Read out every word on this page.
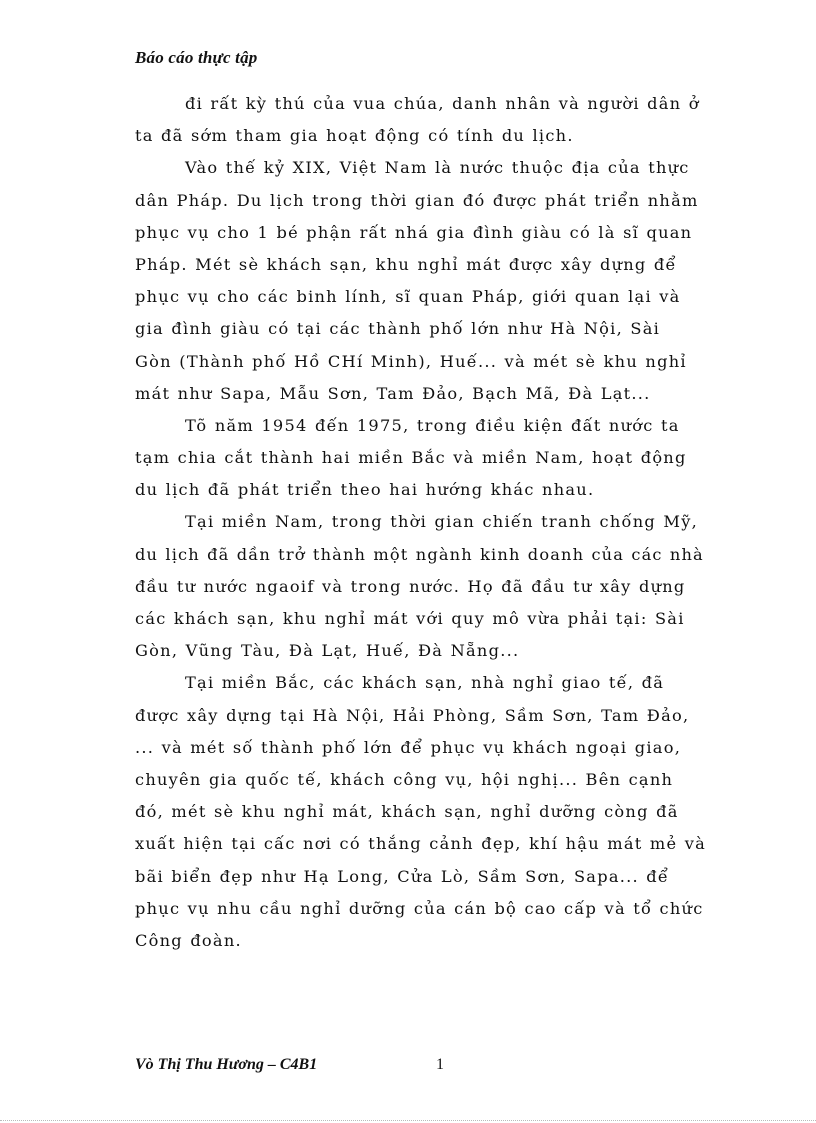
Báo cáo thực tập
đi rất kỳ thú của vua chúa, danh nhân và người dân ở
ta đã sớm tham gia hoạt động có tính du lịch.
Vào thế kỷ XIX, Việt Nam là nước thuộc địa của thực
dân Pháp. Du lịch trong thời gian đó được phát triển nhằm
phục vụ cho 1 bé phận rất nhá gia đình giàu có là sĩ quan
Pháp. Mét sè khách sạn, khu nghỉ mát được xây dựng để
phục vụ cho các binh lính, sĩ quan Pháp, giới quan lại và
gia đình giàu có tại các thành phố lớn như Hà Nội, Sài
Gòn (Thành phố Hồ CHí Minh), Huế... và mét sè khu nghỉ
mát như Sapa, Mẫu Sơn, Tam Đảo, Bạch Mã, Đà Lạt...
Tõ năm 1954 đến 1975, trong điều kiện đất nước ta
tạm chia cắt thành hai miền Bắc và miền Nam, hoạt động
du lịch đã phát triển theo hai hướng khác nhau.
Tại miền Nam, trong thời gian chiến tranh chống Mỹ,
du lịch đã dần trở thành một ngành kinh doanh của các nhà
đầu tư nước ngaoif và trong nước. Họ đã đầu tư xây dựng
các khách sạn, khu nghỉ mát với quy mô vừa phải tại: Sài
Gòn, Vũng Tàu, Đà Lạt, Huế, Đà Nẵng...
Tại miền Bắc, các khách sạn, nhà nghỉ giao tế, đã
được xây dựng tại Hà Nội, Hải Phòng, Sầm Sơn, Tam Đảo,
... và mét số thành phố lớn để phục vụ khách ngoại giao,
chuyên gia quốc tế, khách công vụ, hội nghị... Bên cạnh
đó, mét sè khu nghỉ mát, khách sạn, nghỉ dưỡng còng đã
xuất hiện tại cấc nơi có thắng cảnh đẹp, khí hậu mát mẻ và
bãi biển đẹp như Hạ Long, Cửa Lò, Sầm Sơn, Sapa... để
phục vụ nhu cầu nghỉ dưỡng của cán bộ cao cấp và tổ chức
Công đoàn.
Vò Thị Thu Hương – C4B1	1
